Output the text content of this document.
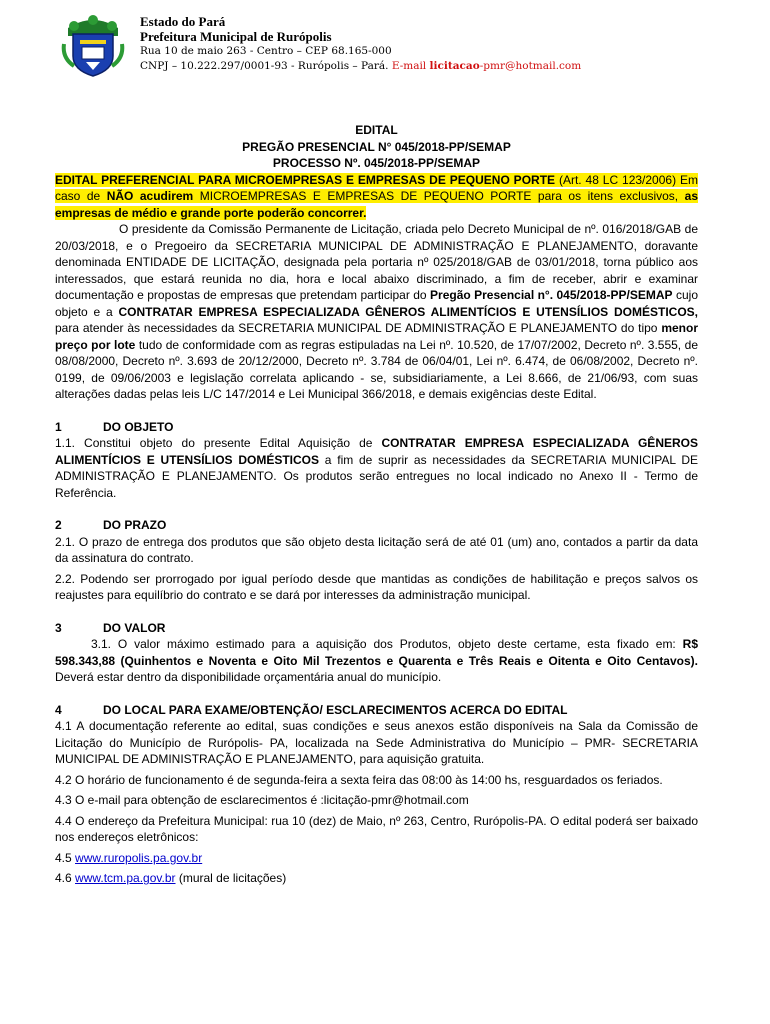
Estado do Pará
Prefeitura Municipal de Rurópolis
Rua 10 de maio 263 - Centro – CEP 68.165-000
CNPJ – 10.222.297/0001-93 - Rurópolis – Pará. E-mail licitacao-pmr@hotmail.com
EDITAL
PREGÃO PRESENCIAL N° 045/2018-PP/SEMAP
PROCESSO Nº. 045/2018-PP/SEMAP

EDITAL PREFERENCIAL PARA MICROEMPRESAS E EMPRESAS DE PEQUENO PORTE (Art. 48 LC 123/2006) Em caso de NÃO acudirem MICROEMPRESAS E EMPRESAS DE PEQUENO PORTE para os itens exclusivos, as empresas de médio e grande porte poderão concorrer.

O presidente da Comissão Permanente de Licitação, criada pelo Decreto Municipal de nº. 016/2018/GAB de 20/03/2018, e o Pregoeiro da SECRETARIA MUNICIPAL DE ADMINISTRAÇÃO E PLANEJAMENTO, doravante denominada ENTIDADE DE LICITAÇÃO, designada pela portaria nº 025/2018/GAB de 03/01/2018, torna público aos interessados, que estará reunida no dia, hora e local abaixo discriminado, a fim de receber, abrir e examinar documentação e propostas de empresas que pretendam participar do Pregão Presencial n°. 045/2018-PP/SEMAP cujo objeto e a CONTRATAR EMPRESA ESPECIALIZADA GÊNEROS ALIMENTÍCIOS E UTENSÍLIOS DOMÉSTICOS, para atender às necessidades da SECRETARIA MUNICIPAL DE ADMINISTRAÇÃO E PLANEJAMENTO do tipo menor preço por lote tudo de conformidade com as regras estipuladas na Lei nº. 10.520, de 17/07/2002, Decreto nº. 3.555, de 08/08/2000, Decreto nº. 3.693 de 20/12/2000, Decreto nº. 3.784 de 06/04/01, Lei nº. 6.474, de 06/08/2002, Decreto nº. 0199, de 09/06/2003 e legislação correlata aplicando - se, subsidiariamente, a Lei 8.666, de 21/06/93, com suas alterações dadas pelas leis L/C 147/2014 e Lei Municipal 366/2018, e demais exigências deste Edital.

1	DO OBJETO

1.1. Constitui objeto do presente Edital Aquisição de CONTRATAR EMPRESA ESPECIALIZADA GÊNEROS ALIMENTÍCIOS E UTENSÍLIOS DOMÉSTICOS a fim de suprir as necessidades da SECRETARIA MUNICIPAL DE ADMINISTRAÇÃO E PLANEJAMENTO. Os produtos serão entregues no local indicado no Anexo II - Termo de Referência.

2	DO PRAZO

2.1. O prazo de entrega dos produtos que são objeto desta licitação será de até 01 (um) ano, contados a partir da data da assinatura do contrato.

2.2. Podendo ser prorrogado por igual período desde que mantidas as condições de habilitação e preços salvos os reajustes para equilíbrio do contrato e se dará por interesses da administração municipal.

3	DO VALOR

3.1. O valor máximo estimado para a aquisição dos Produtos, objeto deste certame, esta fixado em: R$ 598.343,88 (Quinhentos e Noventa e Oito Mil Trezentos e Quarenta e Três Reais e Oitenta e Oito Centavos). Deverá estar dentro da disponibilidade orçamentária anual do município.

4	DO LOCAL PARA EXAME/OBTENÇÃO/ ESCLARECIMENTOS ACERCA DO EDITAL

4.1 A documentação referente ao edital, suas condições e seus anexos estão disponíveis na Sala da Comissão de Licitação do Município de Rurópolis- PA, localizada na Sede Administrativa do Município – PMR- SECRETARIA MUNICIPAL DE ADMINISTRAÇÃO E PLANEJAMENTO, para aquisição gratuita.

4.2 O horário de funcionamento é de segunda-feira a sexta feira das 08:00 às 14:00 hs, resguardados os feriados.

4.3 O e-mail para obtenção de esclarecimentos é :licitação-pmr@hotmail.com

4.4 O endereço da Prefeitura Municipal: rua 10 (dez) de Maio, nº 263, Centro, Rurópolis-PA. O edital poderá ser baixado nos endereços eletrônicos:

4.5 www.ruropolis.pa.gov.br

4.6 www.tcm.pa.gov.br (mural de licitações)
